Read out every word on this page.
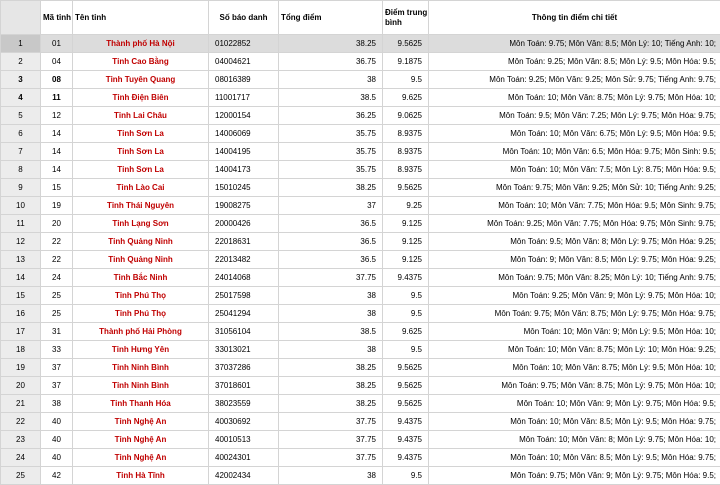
	Mã tỉnh	Tên tỉnh	Số báo danh	Tổng điểm	Điểm trung
bình	Thông tin điểm chi tiết
1	01	Thành phố Hà Nội	01022852	38.25	9.5625	Môn Toán: 9.75; Môn Văn: 8.5; Môn Lý: 10; Tiếng Anh: 10;
2	04	Tỉnh Cao Bằng	04004621	36.75	9.1875	Môn Toán: 9.25; Môn Văn: 8.5; Môn Lý: 9.5; Môn Hóa: 9.5;
3	08	Tỉnh Tuyên Quang	08016389	38	9.5	Môn Toán: 9.25; Môn Văn: 9.25; Môn Sử: 9.75; Tiếng Anh: 9.75;
4	11	Tỉnh Điện Biên	11001717	38.5	9.625	Môn Toán: 10; Môn Văn: 8.75; Môn Lý: 9.75; Môn Hóa: 10;
5	12	Tỉnh Lai Châu	12000154	36.25	9.0625	Môn Toán: 9.5; Môn Văn: 7.25; Môn Lý: 9.75; Môn Hóa: 9.75;
6	14	Tỉnh Sơn La	14006069	35.75	8.9375	Môn Toán: 10; Môn Văn: 6.75; Môn Lý: 9.5; Môn Hóa: 9.5;
7	14	Tỉnh Sơn La	14004195	35.75	8.9375	Môn Toán: 10; Môn Văn: 6.5; Môn Hóa: 9.75; Môn Sinh: 9.5;
8	14	Tỉnh Sơn La	14004173	35.75	8.9375	Môn Toán: 10; Môn Văn: 7.5; Môn Lý: 8.75; Môn Hóa: 9.5;
9	15	Tỉnh Lào Cai	15010245	38.25	9.5625	Môn Toán: 9.75; Môn Văn: 9.25; Môn Sử: 10; Tiếng Anh: 9.25;
10	19	Tỉnh Thái Nguyên	19008275	37	9.25	Môn Toán: 10; Môn Văn: 7.75; Môn Hóa: 9.5; Môn Sinh: 9.75;
11	20	Tỉnh Lạng Sơn	20000426	36.5	9.125	Môn Toán: 9.25; Môn Văn: 7.75; Môn Hóa: 9.75; Môn Sinh: 9.75;
12	22	Tỉnh Quảng Ninh	22018631	36.5	9.125	Môn Toán: 9.5; Môn Văn: 8; Môn Lý: 9.75; Môn Hóa: 9.25;
13	22	Tỉnh Quảng Ninh	22013482	36.5	9.125	Môn Toán: 9; Môn Văn: 8.5; Môn Lý: 9.75; Môn Hóa: 9.25;
14	24	Tỉnh Bắc Ninh	24014068	37.75	9.4375	Môn Toán: 9.75; Môn Văn: 8.25; Môn Lý: 10; Tiếng Anh: 9.75;
15	25	Tỉnh Phú Thọ	25017598	38	9.5	Môn Toán: 9.25; Môn Văn: 9; Môn Lý: 9.75; Môn Hóa: 10;
16	25	Tỉnh Phú Thọ	25041294	38	9.5	Môn Toán: 9.75; Môn Văn: 8.75; Môn Lý: 9.75; Môn Hóa: 9.75;
17	31	Thành phố Hải Phòng	31056104	38.5	9.625	Môn Toán: 10; Môn Văn: 9; Môn Lý: 9.5; Môn Hóa: 10;
18	33	Tỉnh Hưng Yên	33013021	38	9.5	Môn Toán: 10; Môn Văn: 8.75; Môn Lý: 10; Môn Hóa: 9.25;
19	37	Tỉnh Ninh Bình	37037286	38.25	9.5625	Môn Toán: 10; Môn Văn: 8.75; Môn Lý: 9.5; Môn Hóa: 10;
20	37	Tỉnh Ninh Bình	37018601	38.25	9.5625	Môn Toán: 9.75; Môn Văn: 8.75; Môn Lý: 9.75; Môn Hóa: 10;
21	38	Tỉnh Thanh Hóa	38023559	38.25	9.5625	Môn Toán: 10; Môn Văn: 9; Môn Lý: 9.75; Môn Hóa: 9.5;
22	40	Tỉnh Nghệ An	40030692	37.75	9.4375	Môn Toán: 10; Môn Văn: 8.5; Môn Lý: 9.5; Môn Hóa: 9.75;
23	40	Tỉnh Nghệ An	40010513	37.75	9.4375	Môn Toán: 10; Môn Văn: 8; Môn Lý: 9.75; Môn Hóa: 10;
24	40	Tỉnh Nghệ An	40024301	37.75	9.4375	Môn Toán: 10; Môn Văn: 8.5; Môn Lý: 9.5; Môn Hóa: 9.75;
25	42	Tỉnh Hà Tĩnh	42002434	38	9.5	Môn Toán: 9.75; Môn Văn: 9; Môn Lý: 9.75; Môn Hóa: 9.5;
